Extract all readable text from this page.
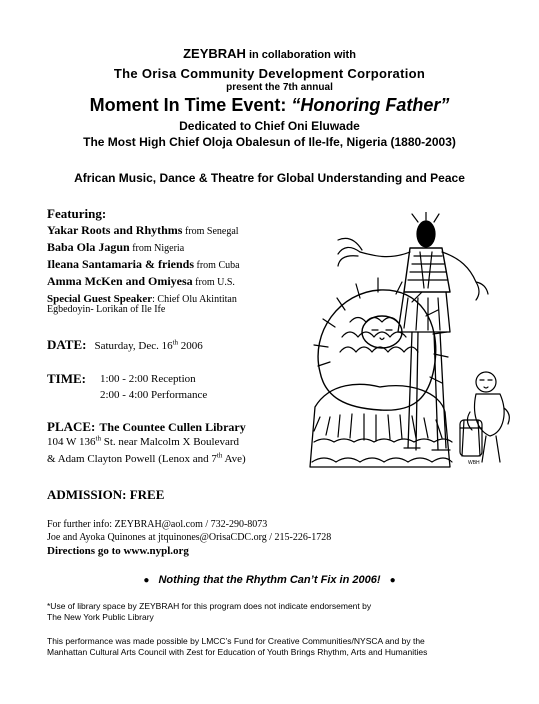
ZEYBRAH in collaboration with
The Orisa Community Development Corporation
present the 7th annual
Moment In Time Event: “Honoring Father”
Dedicated to Chief Oni Eluwade
The Most High Chief Oloja Obalesun of Ile-Ife, Nigeria (1880-2003)
African Music, Dance & Theatre for Global Understanding and Peace
Featuring:
Yakar Roots and Rhythms from Senegal
Baba Ola Jagun from Nigeria
Ileana Santamaria & friends from Cuba
Amma McKen and Omiyesa from U.S.
Special Guest Speaker: Chief Olu Akintitan
Egbedoyin- Lorikan of Ile Ife
DATE: Saturday, Dec. 16th 2006
TIME: 1:00 - 2:00 Reception
2:00 - 4:00 Performance
PLACE: The Countee Cullen Library
104 W 136th St. near Malcolm X Boulevard
& Adam Clayton Powell (Lenox and 7th Ave)
ADMISSION: FREE
For further info: ZEYBRAH@aol.com / 732-290-8073
Joe and Ayoka Quinones at jtquinones@OrisaCDC.org / 215-226-1728
Directions go to www.nypl.org
● Nothing that the Rhythm Can’t Fix in 2006! ●
*Use of library space by ZEYBRAH for this program does not indicate endorsement by
The New York Public Library
This performance was made possible by LMCC’s Fund for Creative Communities/NYSCA and by the
Manhattan Cultural Arts Council with Zest for Education of Youth Brings Rhythm, Arts and Humanities
WBH
